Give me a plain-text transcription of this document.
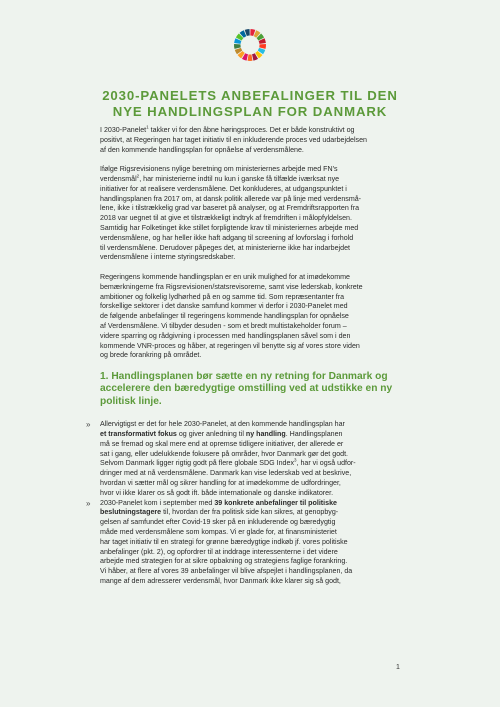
2030-PANELETS ANBEFALINGER TIL DEN
NYE HANDLINGSPLAN FOR DANMARK

I 2030-Panelet$^1$ takker vi for den åbne høringsproces. Det er både konstruktivt og
positivt, at Regeringen har taget initiativ til en inkluderende proces ved udarbejdelsen
af den kommende handlingsplan for opnåelse af verdensmålene.

Ifølge Rigsrevisionens nylige beretning om ministeriernes arbejde med FN's
verdensmål$^2$, har ministerierne indtil nu kun i ganske få tilfælde iværksat nye
initiativer for at realisere verdensmålene. Det konkluderes, at udgangspunktet i
handlingsplanen fra 2017 om, at dansk politik allerede var på linje med verdensmå-
lene, ikke i tilstrækkelig grad var baseret på analyser, og at Fremdriftsrapporten fra
2018 var uegnet til at give et tilstrækkeligt indtryk af fremdriften i målopfyldelsen.
Samtidig har Folketinget ikke stillet forpligtende krav til ministeriernes arbejde med
verdensmålene, og har heller ikke haft adgang til screening af lovforslag i forhold
til verdensmålene. Derudover påpeges det, at ministerierne ikke har indarbejdet
verdensmålene i interne styringsredskaber.

Regeringens kommende handlingsplan er en unik mulighed for at imødekomme
bemærkningerne fra Rigsrevisionen/statsrevisorerne, samt vise lederskab, konkrete
ambitioner og folkelig lydhørhed på en og samme tid. Som repræsentanter fra
forskellige sektorer i det danske samfund kommer vi derfor i 2030-Panelet med
de følgende anbefalinger til regeringens kommende handlingsplan for opnåelse
af Verdensmålene. Vi tilbyder desuden - som et bredt multistakeholder forum –
videre sparring og rådgivning i processen med handlingsplanen såvel som i den
kommende VNR-proces og håber, at regeringen vil benytte sig af vores store viden
og brede forankring på området.

1. Handlingsplanen bør sætte en ny retning for Danmark og
accelerere den bæredygtige omstilling ved at udstikke en ny
politisk linje.
» Allervigtigst er det for hele 2030-Panelet, at den kommende handlingsplan har
et transformativt fokus og giver anledning til ny handling. Handlingsplanen
må se fremad og skal mere end at opremse tidligere initiativer, der allerede er
sat i gang, eller udelukkende fokusere på områder, hvor Danmark gør det godt.
Selvom Danmark ligger rigtig godt på flere globale SDG Index$^3$, har vi også udfor-
dringer med at nå verdensmålene. Danmark kan vise lederskab ved at beskrive,
hvordan vi sætter mål og sikrer handling for at imødekomme de udfordringer,
hvor vi ikke klarer os så godt ift. både internationale og danske indikatorer.
» 2030-Panelet kom i september med 39 konkrete anbefalinger til politiske
beslutningstagere til, hvordan der fra politisk side kan sikres, at genopbyg-
gelsen af samfundet efter Covid-19 sker på en inkluderende og bæredygtig
måde med verdensmålene som kompas. Vi er glade for, at finansministeriet
har taget initiativ til en strategi for grønne bæredygtige indkøb jf. vores politiske
anbefalinger (pkt. 2), og opfordrer til at inddrage interessenterne i det videre
arbejde med strategien for at sikre opbakning og strategiens faglige forankring.
Vi håber, at flere af vores 39 anbefalinger vil blive afspejlet i handlingsplanen, da
mange af dem adresserer verdensmål, hvor Danmark ikke klarer sig så godt,
1
